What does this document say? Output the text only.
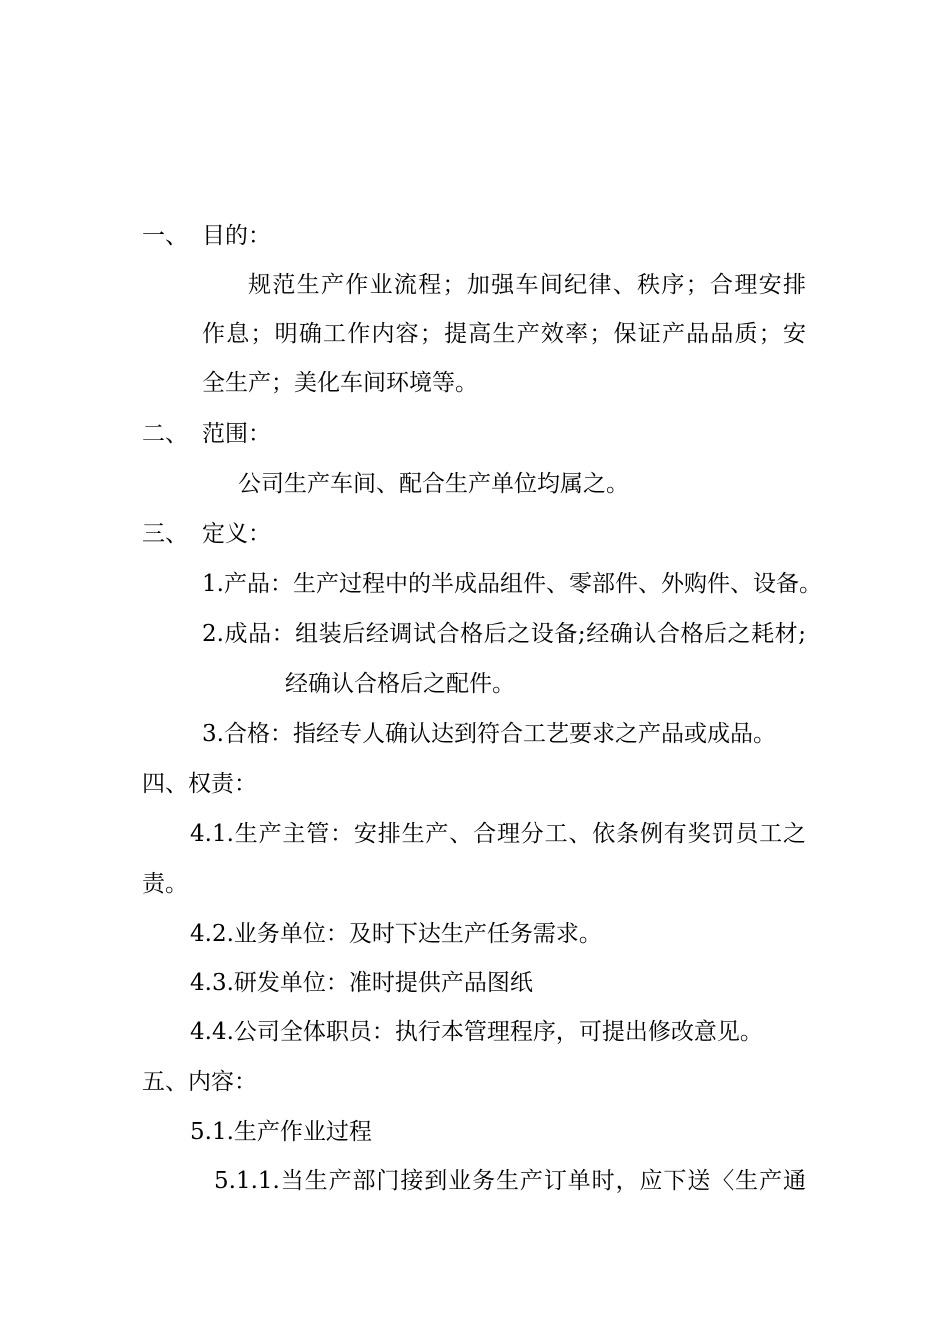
一、 目的：

规范生产作业流程；加强车间纪律、秩序；合理安排

作息；明确工作内容；提高生产效率；保证产品品质；安

全生产；美化车间环境等。

二、 范围：

公司生产车间、配合生产单位均属之。

三、 定义：

1.产品：生产过程中的半成品组件、零部件、外购件、设备。

2.成品：组装后经调试合格后之设备;经确认合格后之耗材;

经确认合格后之配件。

3.合格：指经专人确认达到符合工艺要求之产品或成品。

四、权责：

4.1.生产主管：安排生产、合理分工、依条例有奖罚员工之

责。

4.2.业务单位：及时下达生产任务需求。

4.3.研发单位：准时提供产品图纸

4.4.公司全体职员：执行本管理程序，可提出修改意见。

五、内容：

5.1.生产作业过程

5.1.1.当生产部门接到业务生产订单时，应下送〈生产通
